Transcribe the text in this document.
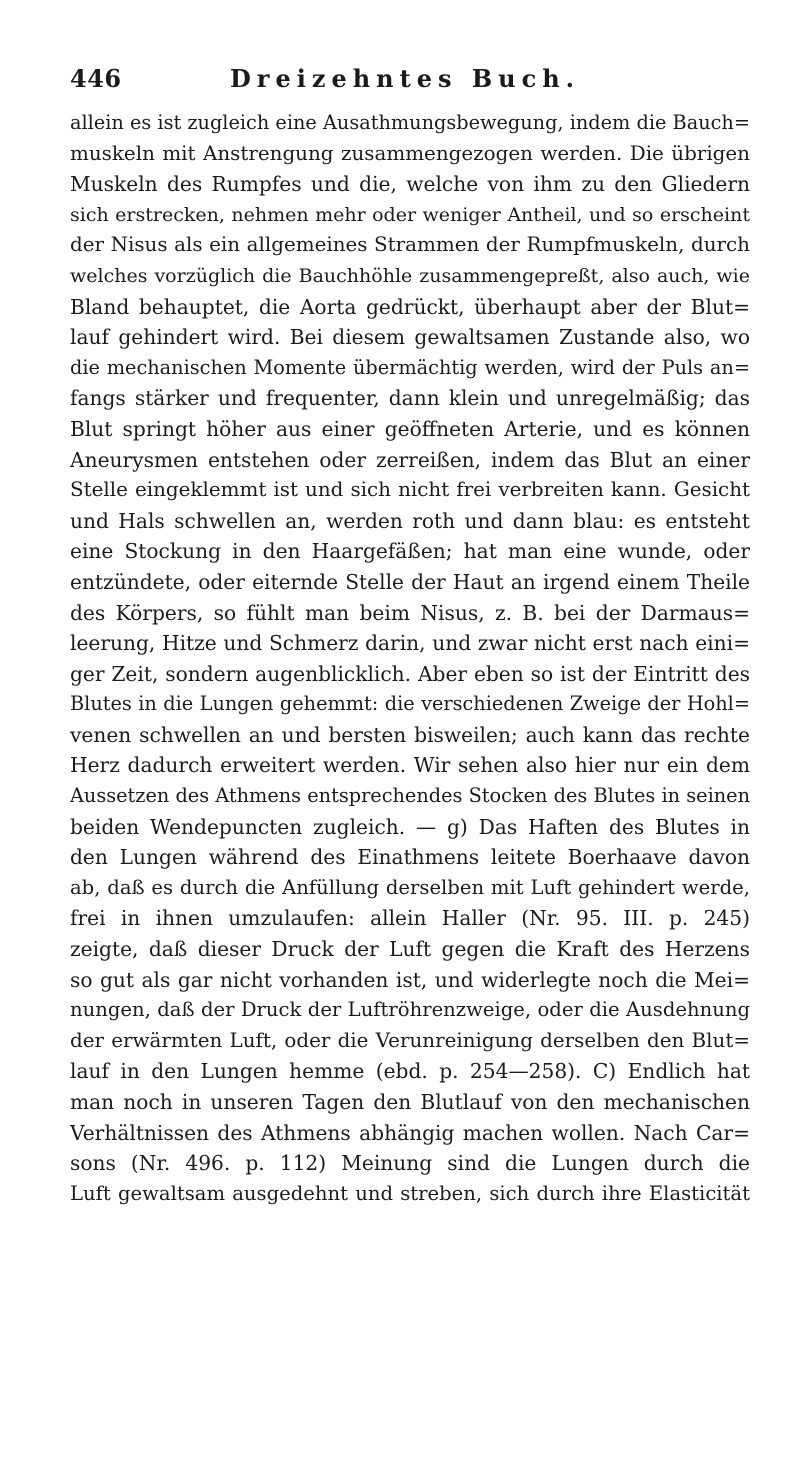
446	Dreizehntes Buch.
allein es ist zugleich eine Ausathmungsbewegung, indem die Bauch=
muskeln mit Anstrengung zusammengezogen werden. Die übrigen
Muskeln des Rumpfes und die, welche von ihm zu den Gliedern
sich erstrecken, nehmen mehr oder weniger Antheil, und so erscheint
der Nisus als ein allgemeines Strammen der Rumpfmuskeln, durch
welches vorzüglich die Bauchhöhle zusammengepreßt, also auch, wie
Bland behauptet, die Aorta gedrückt, überhaupt aber der Blut=
lauf gehindert wird. Bei diesem gewaltsamen Zustande also, wo
die mechanischen Momente übermächtig werden, wird der Puls an=
fangs stärker und frequenter, dann klein und unregelmäßig; das
Blut springt höher aus einer geöffneten Arterie, und es können
Aneurysmen entstehen oder zerreißen, indem das Blut an einer
Stelle eingeklemmt ist und sich nicht frei verbreiten kann. Gesicht
und Hals schwellen an, werden roth und dann blau: es entsteht
eine Stockung in den Haargefäßen; hat man eine wunde, oder
entzündete, oder eiternde Stelle der Haut an irgend einem Theile
des Körpers, so fühlt man beim Nisus, z. B. bei der Darmaus=
leerung, Hitze und Schmerz darin, und zwar nicht erst nach eini=
ger Zeit, sondern augenblicklich. Aber eben so ist der Eintritt des
Blutes in die Lungen gehemmt: die verschiedenen Zweige der Hohl=
venen schwellen an und bersten bisweilen; auch kann das rechte
Herz dadurch erweitert werden. Wir sehen also hier nur ein dem
Aussetzen des Athmens entsprechendes Stocken des Blutes in seinen
beiden Wendepuncten zugleich. — g) Das Haften des Blutes in
den Lungen während des Einathmens leitete Boerhaave davon
ab, daß es durch die Anfüllung derselben mit Luft gehindert werde,
frei in ihnen umzulaufen: allein Haller (Nr. 95. III. p. 245)
zeigte, daß dieser Druck der Luft gegen die Kraft des Herzens
so gut als gar nicht vorhanden ist, und widerlegte noch die Mei=
nungen, daß der Druck der Luftröhrenzweige, oder die Ausdehnung
der erwärmten Luft, oder die Verunreinigung derselben den Blut=
lauf in den Lungen hemme (ebd. p. 254—258). C) Endlich hat
man noch in unseren Tagen den Blutlauf von den mechanischen
Verhältnissen des Athmens abhängig machen wollen. Nach Car=
sons (Nr. 496. p. 112) Meinung sind die Lungen durch die
Luft gewaltsam ausgedehnt und streben, sich durch ihre Elasticität
